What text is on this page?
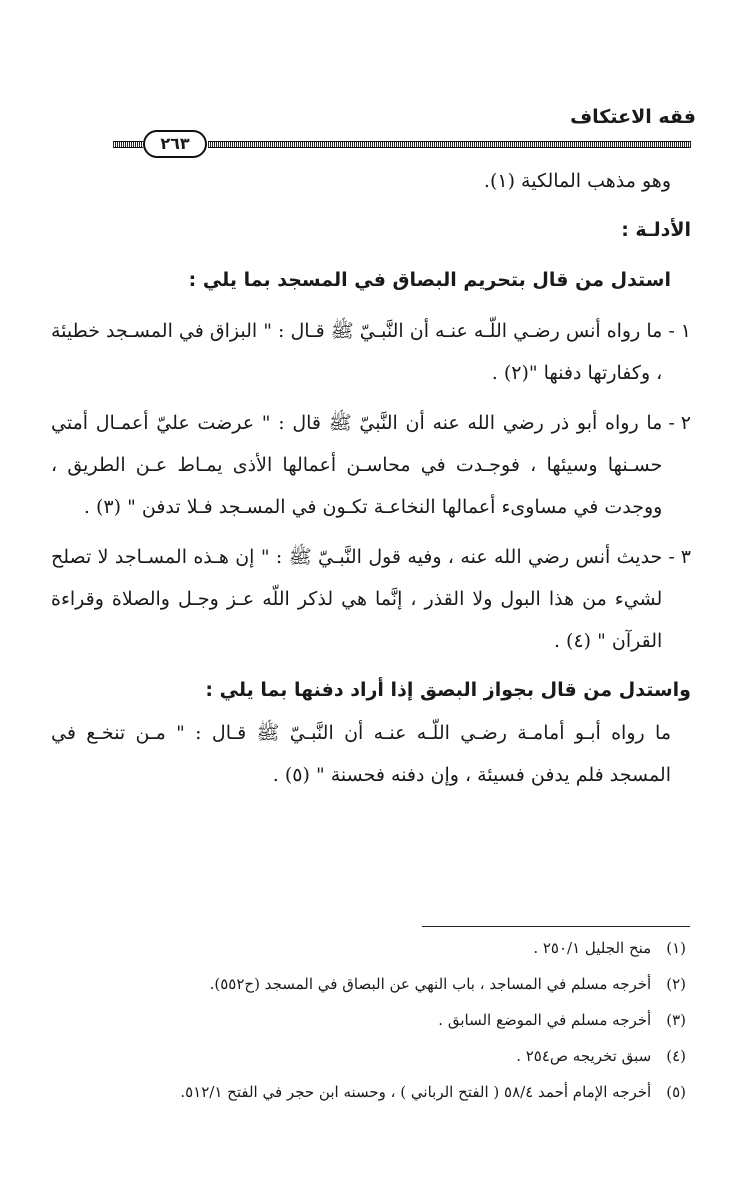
فقه الاعتكاف
٢٦٣

وهو مذهب المالكية (١).

الأدلـة :

استدل من قال بتحريم البصاق في المسجد بما يلي :

١ -

ما رواه أنس رضـي اللّـه عنـه أن النَّبـيّ ﷺ قـال : " البزاق في المسـجد خطيئة ، وكفارتها دفنها "(٢) .

٢ -

ما رواه أبو ذر رضي الله عنه أن النَّبيّ ﷺ قال : " عرضت عليّ أعمـال أمتي حسـنها وسيئها ، فوجـدت في محاسـن أعمالها الأذى يمـاط عـن الطريق ، ووجدت في مساوىء أعمالها النخاعـة تكـون في المسـجد فـلا تدفن " (٣) .

٣ -

حديث أنس رضي الله عنه ، وفيه قول النَّبـيّ ﷺ : " إن هـذه المسـاجد لا تصلح لشيء من هذا البول ولا القذر ، إنَّما هي لذكر اللّه عـز وجـل والصلاة وقراءة القرآن " (٤) .

واستدل من قال بجواز البصق إذا أراد دفنها بما يلي :

ما رواه أبـو أمامـة رضـي اللّـه عنـه أن النَّبـيّ ﷺ قـال : " مـن تنخـع في المسجد فلم يدفن فسيئة ، وإن دفنه فحسنة " (٥) .

(١) منح الجليل ٢٥٠/١ .

(٢) أخرجه مسلم في المساجد ، باب النهي عن البصاق في المسجد (ح٥٥٢).

(٣) أخرجه مسلم في الموضع السابق .

(٤) سبق تخريجه ص٢٥٤ .

(٥) أخرجه الإمام أحمد ٥٨/٤ ( الفتح الرباني ) ، وحسنه ابن حجر في الفتح ٥١٢/١.
